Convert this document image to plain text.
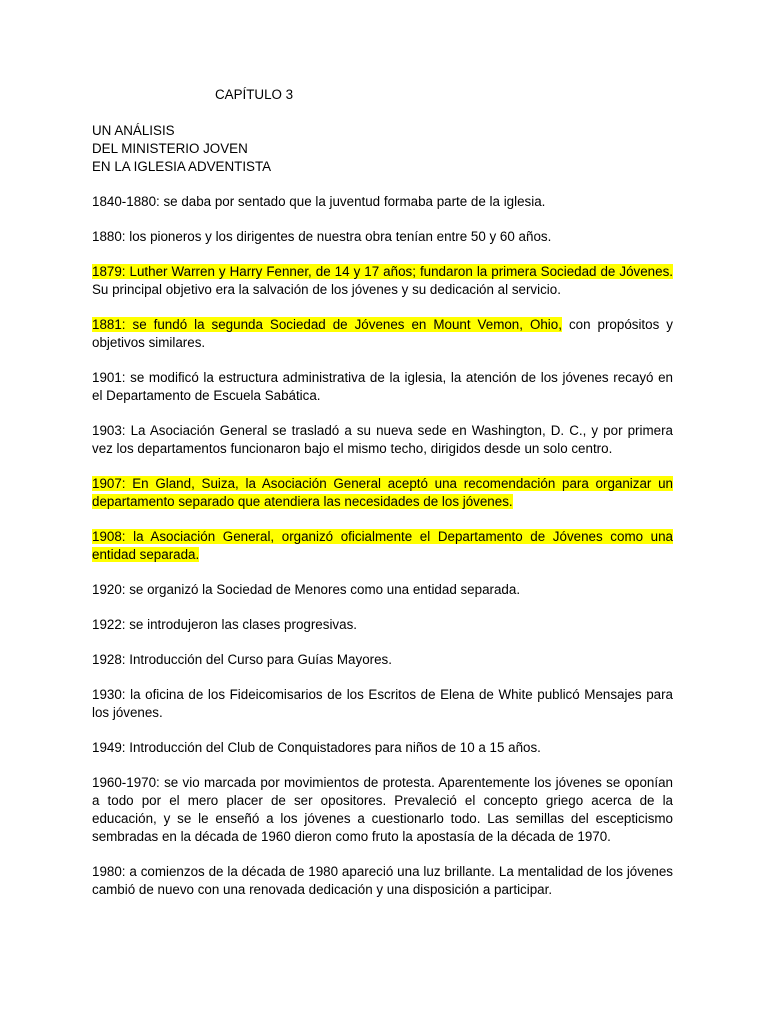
CAPÍTULO 3
UN ANÁLISIS
DEL MINISTERIO JOVEN
EN LA IGLESIA ADVENTISTA

1840-1880: se daba por sentado que la juventud formaba parte de la iglesia.

1880: los pioneros y los dirigentes de nuestra obra tenían entre 50 y 60 años.

1879: Luther Warren y Harry Fenner, de 14 y 17 años; fundaron la primera Sociedad de Jóvenes. Su principal objetivo era la salvación de los jóvenes y su dedicación al servicio.

1881: se fundó la segunda Sociedad de Jóvenes en Mount Vemon, Ohio, con propósitos y objetivos similares.

1901: se modificó la estructura administrativa de la iglesia, la atención de los jóvenes recayó en el Departamento de Escuela Sabática.

1903: La Asociación General se trasladó a su nueva sede en Washington, D. C., y por primera vez los departamentos funcionaron bajo el mismo techo, dirigidos desde un solo centro.

1907: En Gland, Suiza, la Asociación General aceptó una recomendación para organizar un departamento separado que atendiera las necesidades de los jóvenes.

1908: la Asociación General, organizó oficialmente el Departamento de Jóvenes como una entidad separada.

1920: se organizó la Sociedad de Menores como una entidad separada.

1922: se introdujeron las clases progresivas.

1928: Introducción del Curso para Guías Mayores.

1930: la oficina de los Fideicomisarios de los Escritos de Elena de White publicó Mensajes para los jóvenes.

1949: Introducción del Club de Conquistadores para niños de 10 a 15 años.

1960-1970: se vio marcada por movimientos de protesta. Aparentemente los jóvenes se oponían a todo por el mero placer de ser opositores. Prevaleció el concepto griego acerca de la educación, y se le enseñó a los jóvenes a cuestionarlo todo. Las semillas del escepticismo sembradas en la década de 1960 dieron como fruto la apostasía de la década de 1970.

1980: a comienzos de la década de 1980 apareció una luz brillante. La mentalidad de los jóvenes cambió de nuevo con una renovada dedicación y una disposición a participar.
